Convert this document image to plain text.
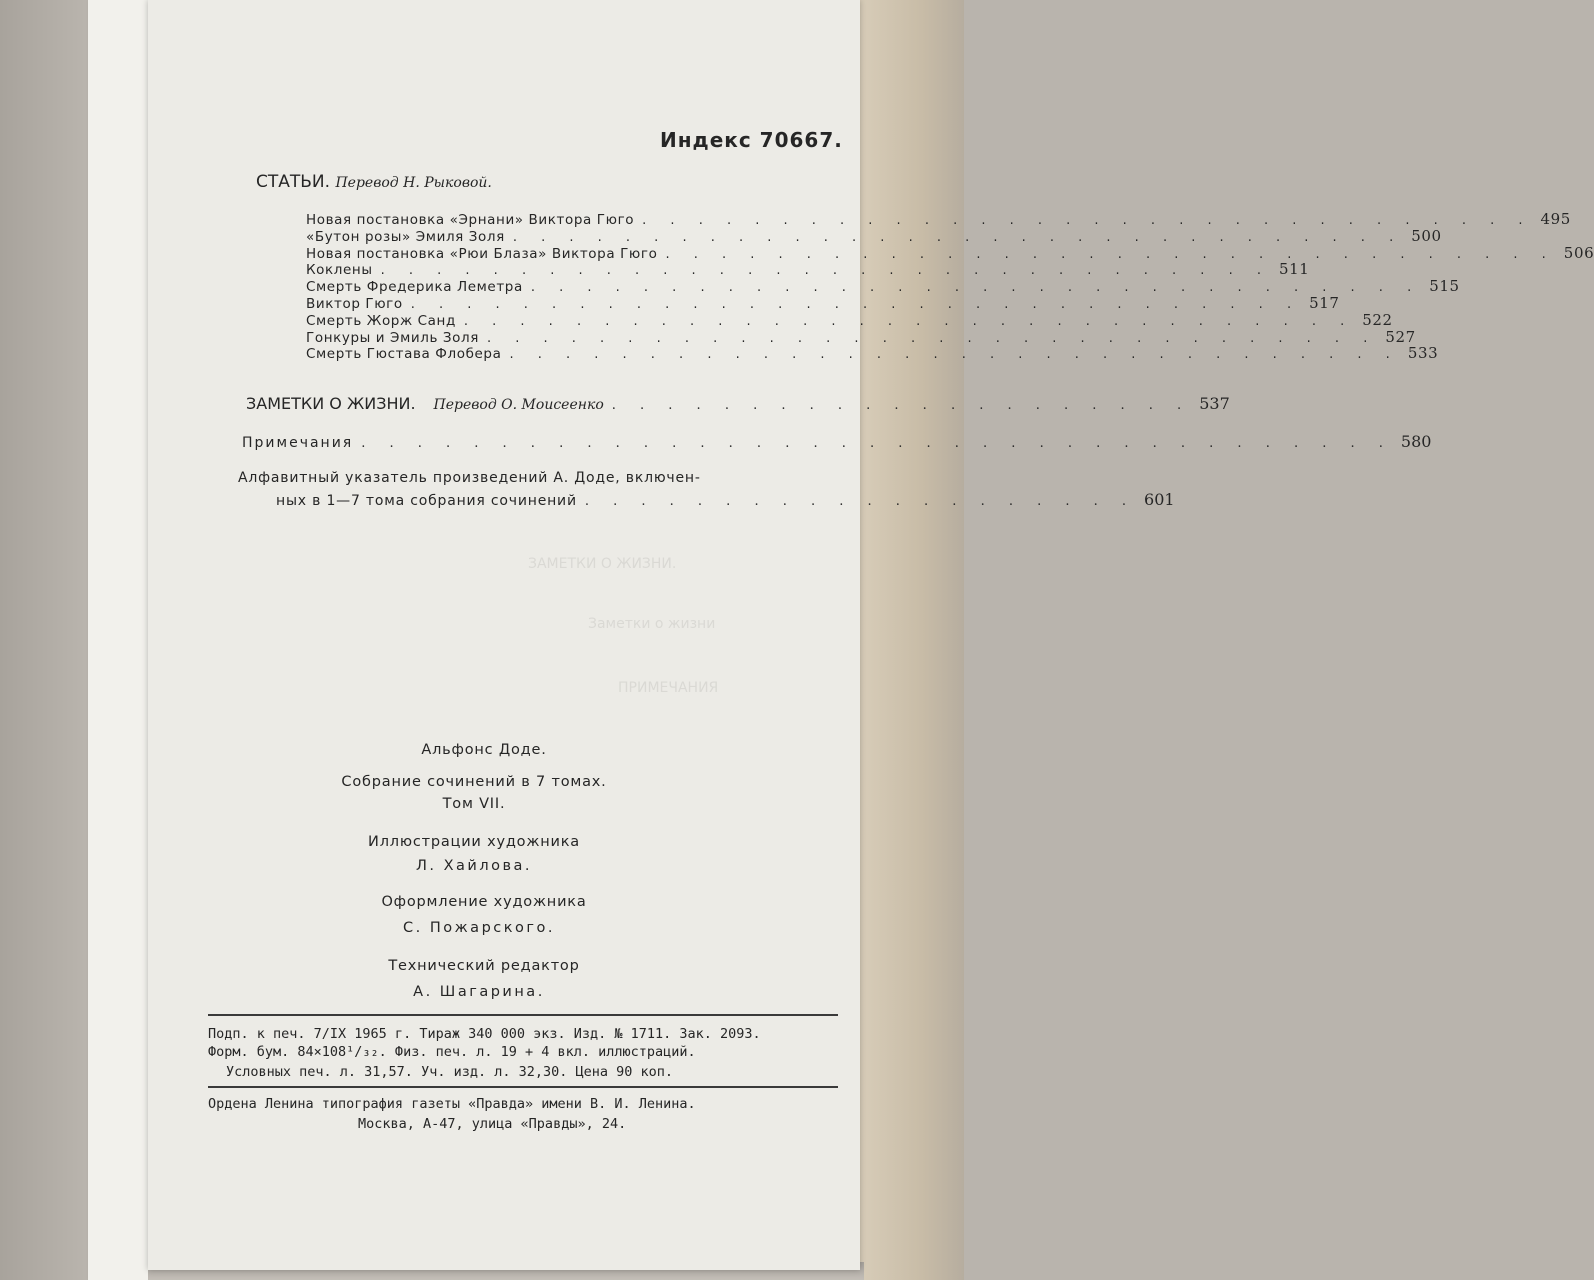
ЗАМЕТКИ О ЖИЗНИ.
Заметки о жизни
ПРИМЕЧАНИЯ
Индекс 70667.
СТАТЬИ. Перевод Н. Рыковой.
Новая постановка «Эрнани» Виктора Гюго . . . . . . . . . . . . . . . . . . . . . . . . . . . . . . . . 495
«Бутон розы» Эмиля Золя . . . . . . . . . . . . . . . . . . . . . . . . . . . . . . . . 500
Новая постановка «Рюи Блаза» Виктора Гюго . . . . . . . . . . . . . . . . . . . . . . . . . . . . . . . . 506
Коклены . . . . . . . . . . . . . . . . . . . . . . . . . . . . . . . . 511
Смерть Фредерика Леметра . . . . . . . . . . . . . . . . . . . . . . . . . . . . . . . . 515
Виктор Гюго . . . . . . . . . . . . . . . . . . . . . . . . . . . . . . . . 517
Смерть Жорж Санд . . . . . . . . . . . . . . . . . . . . . . . . . . . . . . . . 522
Гонкуры и Эмиль Золя . . . . . . . . . . . . . . . . . . . . . . . . . . . . . . . . 527
Смерть Гюстава Флобера . . . . . . . . . . . . . . . . . . . . . . . . . . . . . . . . 533
ЗАМЕТКИ О ЖИЗНИ. Перевод О. Моисеенко . . . . . . . . . . . . . . . . . . . . . 537
Примечания . . . . . . . . . . . . . . . . . . . . . . . . . . . . . . . . . . . . . 580
Алфавитный указатель произведений А. Доде, включен-
ных в 1—7 тома собрания сочинений . . . . . . . . . . . . . . . . . . . . 601
Альфонс Доде.
Собрание сочинений в 7 томах.
Том VII.
Иллюстрации художника
Л. Хайлова.
Оформление художника
С. Пожарского.
Технический редактор
А. Шагарина.
Подп. к печ. 7/IX 1965 г. Тираж 340 000 экз. Изд. № 1711. Зак. 2093.
Форм. бум. 84×108¹/₃₂. Физ. печ. л. 19 + 4 вкл. иллюстраций.
Условных печ. л. 31,57. Уч. изд. л. 32,30. Цена 90 коп.
Ордена Ленина типография газеты «Правда» имени В. И. Ленина.
Москва, А-47, улица «Правды», 24.
